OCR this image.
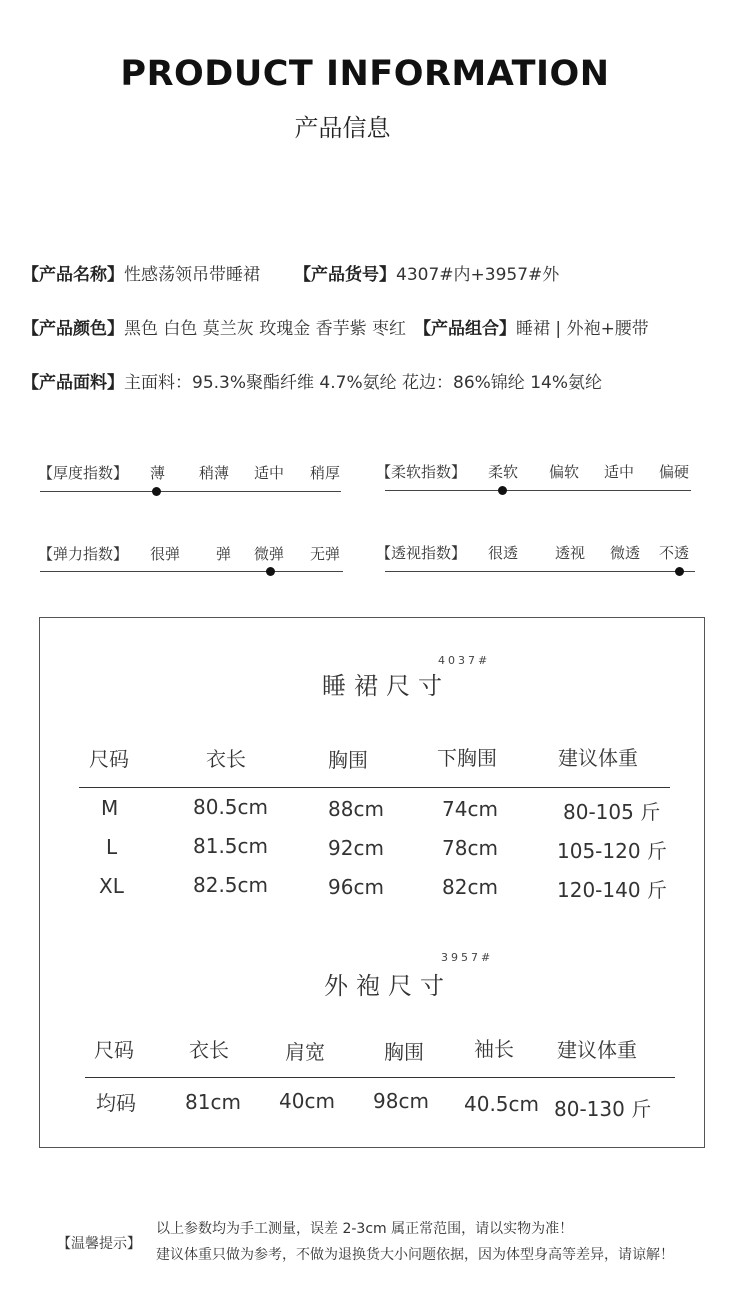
PRODUCT INFORMATION
产品信息
【产品名称】性感荡领吊带睡裙 【产品货号】4307#内+3957#外
【产品颜色】黑色 白色 莫兰灰 玫瑰金 香芋紫 枣红 【产品组合】睡裙 | 外袍+腰带
【产品面料】主面料：95.3%聚酯纤维 4.7%氨纶 花边：86%锦纶 14%氨纶
【厚度指数】 薄 稍薄 适中 稍厚 【柔软指数】 柔软 偏软 适中 偏硬
【弹力指数】 很弹 弹 微弹 无弹 【透视指数】 很透 透视 微透 不透
4037#
睡裙尺寸
尺码	衣长	胸围	下胸围	建议体重
M	80.5cm	88cm	74cm	80-105 斤
L	81.5cm	92cm	78cm	105-120 斤
XL	82.5cm	96cm	82cm	120-140 斤
3957#
外袍尺寸
尺码	衣长	肩宽	胸围	袖长 建议体重
均码 81cm 40cm 98cm 40.5cm 80-130 斤
【温馨提示】
以上参数均为手工测量，误差 2-3cm 属正常范围，请以实物为准！
建议体重只做为参考，不做为退换货大小问题依据，因为体型身高等差异，请谅解！
